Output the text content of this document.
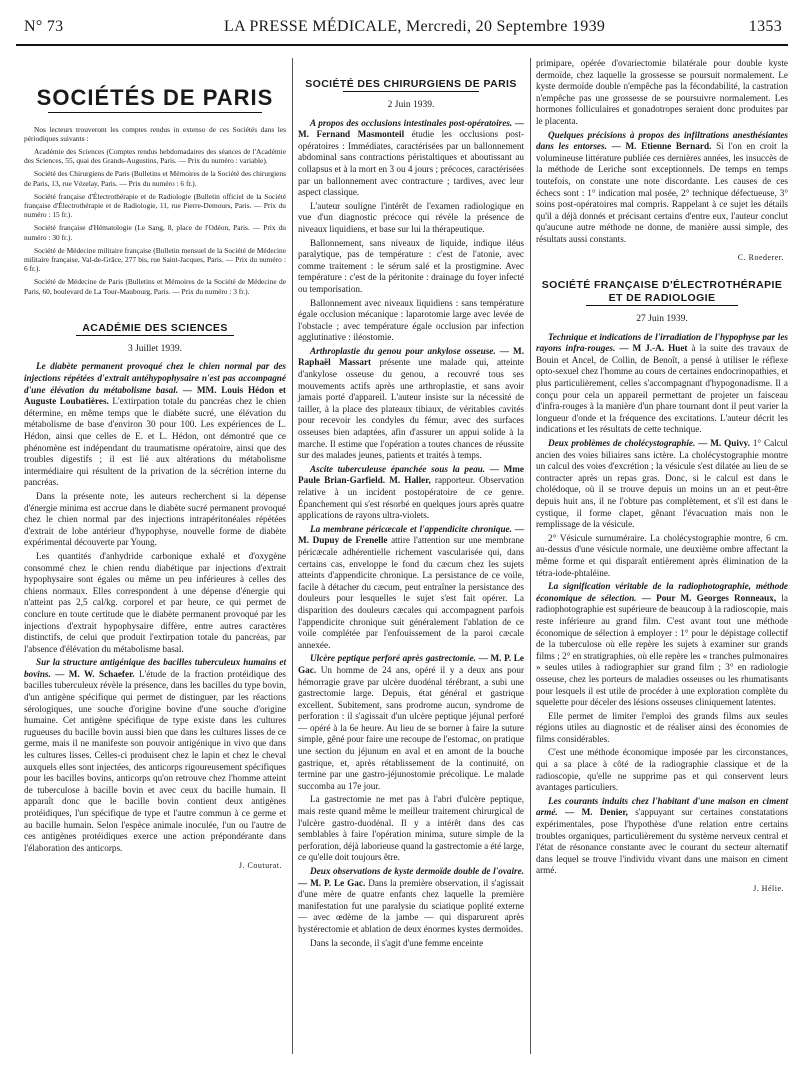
N° 73	LA PRESSE MÉDICALE, Mercredi, 20 Septembre 1939	1353
SOCIÉTÉS DE PARIS

Nos lecteurs trouveront les comptes rendus in extenso de ces Sociétés dans les périodiques suivants :

Académie des Sciences (Comptes rendus hebdomadaires des séances de l'Académie des Sciences, 55, quai des Grands-Augustins, Paris. — Prix du numéro : variable).

Société des Chirurgiens de Paris (Bulletins et Mémoires de la Société des chirurgiens de Paris, 13, rue Vézelay, Paris. — Prix du numéro : 6 fr.).

Société française d'Électrothérapie et de Radiologie (Bulletin officiel de la Société française d'Électrothérapie et de Radiologie, 11, rue Pierre-Demours, Paris. — Prix du numéro : 15 fr.).

Société française d'Hématologie (Le Sang, 8, place de l'Odéon, Paris. — Prix du numéro : 30 fr.).

Société de Médecine militaire française (Bulletin mensuel de la Société de Médecine militaire française, Val-de-Grâce, 277 bis, rue Saint-Jacques, Paris. — Prix du numéro : 6 fr.).

Société de Médecine de Paris (Bulletins et Mémoires de la Société de Médecine de Paris, 60, boulevard de La Tour-Maubourg, Paris. — Prix du numéro : 3 fr.).

ACADÉMIE DES SCIENCES
3 Juillet 1939.

Le diabète permanent provoqué chez le chien normal par des injections répétées d'extrait antéhypophysaire n'est pas accompagné d'une élévation du métabolisme basal. — MM. Louis Hédon et Auguste Loubatières. L'extirpation totale du pancréas chez le chien détermine, en même temps que le diabète sucré, une élévation du métabolisme de base d'environ 30 pour 100. Les expériences de L. Hédon, ainsi que celles de E. et L. Hédon, ont démontré que ce phénomène est indépendant du traumatisme opératoire, ainsi que des troubles digestifs ; il est lié aux altérations du métabolisme intermédiaire qui résultent de la privation de la sécrétion interne du pancréas.

Dans la présente note, les auteurs recherchent si la dépense d'énergie minima est accrue dans le diabète sucré permanent provoqué chez le chien normal par des injections intrapéritonéales répétées d'extrait de lobe antérieur d'hypophyse, nouvelle forme de diabète expérimental découverte par Young.

Les quantités d'anhydride carbonique exhalé et d'oxygène consommé chez le chien rendu diabétique par injections d'extrait hypophysaire sont égales ou même un peu inférieures à celles des chiens normaux. Elles correspondent à une dépense d'énergie qui n'atteint pas 2,5 cal/kg. corporel et par heure, ce qui permet de conclure en toute certitude que le diabète permanent provoqué par les injections d'extrait hypophysaire diffère, entre autres caractères distinctifs, de celui que produit l'extirpation totale du pancréas, par l'absence d'élévation du métabolisme basal.

Sur la structure antigénique des bacilles tuberculeux humains et bovins. — M. W. Schaefer. L'étude de la fraction protéidique des bacilles tuberculeux révèle la présence, dans les bacilles du type bovin, d'un antigène spécifique qui permet de distinguer, par les réactions sérologiques, une souche d'origine bovine d'une souche d'origine humaine. Cet antigène spécifique de type existe dans les cultures rugueuses du bacille bovin aussi bien que dans les cultures lisses de ce germe, mais il ne manifeste son pouvoir antigénique in vivo que dans les cultures lisses. Celles-ci produisent chez le lapin et chez le cheval auxquels elles sont injectées, des anticorps rigoureusement spécifiques pour les bacilles bovins, anticorps qu'on retrouve chez l'homme atteint de tuberculose à bacille bovin et avec ceux du bacille humain. Il apparaît donc que le bacille bovin contient deux antigènes protéidiques, l'un spécifique de type et l'autre commun à ce germe et au bacille humain. Selon l'espèce animale inoculée, l'un ou l'autre de ces antigènes protéidiques exerce une action prépondérante dans l'élaboration des anticorps.

J. Couturat.
SOCIÉTÉ DES CHIRURGIENS DE PARIS
2 Juin 1939.

A propos des occlusions intestinales post-opératoires. — M. Fernand Masmonteil étudie les occlusions post-opératoires : Immédiates, caractérisées par un ballonnement abdominal sans contractions péristaltiques et aboutissant au collapsus et à la mort en 3 ou 4 jours ; précoces, caractérisées par un ballonnement avec contracture ; tardives, avec leur aspect classique.

L'auteur souligne l'intérêt de l'examen radiologique en vue d'un diagnostic précoce qui révèle la présence de niveaux liquidiens, et base sur lui la thérapeutique.

Ballonnement, sans niveaux de liquide, indique iléus paralytique, pas de température : c'est de l'atonie, avec comme traitement : le sérum salé et la prostigmine. Avec température : c'est de la péritonite : drainage du foyer infecté ou temporisation.

Ballonnement avec niveaux liquidiens : sans température égale occlusion mécanique : laparotomie large avec levée de l'obstacle ; avec température égale occlusion par infection agglutinative : iléostomie.

Arthroplastie du genou pour ankylose osseuse. — M. Raphaël Massart présente une malade qui, atteinte d'ankylose osseuse du genou, a recouvré tous ses mouvements actifs après une arthroplastie, et sans avoir jamais porté d'appareil. L'auteur insiste sur la nécessité de tailler, à la place des plateaux tibiaux, de véritables cavités pour recevoir les condyles du fémur, avec des surfaces osseuses bien adaptées, afin d'assurer un appui solide à la marche. Il estime que l'opération a toutes chances de réussite sur des malades jeunes, patients et traités à temps.

Ascite tuberculeuse épanchée sous la peau. — Mme Paule Brian-Garfield. M. Haller, rapporteur. Observation relative à un incident postopératoire de ce genre. Épanchement qui s'est résorbé en quelques jours après quatre applications de rayons ultra-violets.

La membrane péricæcale et l'appendicite chronique. — M. Dupuy de Frenelle attire l'attention sur une membrane péricæcale adhérentielle richement vascularisée qui, dans certains cas, enveloppe le fond du cæcum chez les sujets atteints d'appendicite chronique. La persistance de ce voile, facile à détacher du cæcum, peut entraîner la persistance des douleurs pour lesquelles le sujet s'est fait opérer. La disparition des douleurs cæcales qui accompagnent parfois l'appendicite chronique suit généralement l'ablation de ce voile complétée par l'enfouissement de la paroi cæcale annexée.

Ulcère peptique perforé après gastrectomie. — M. P. Le Gac. Un homme de 24 ans, opéré il y a deux ans pour hémorragie grave par ulcère duodénal térébrant, a subi une gastrectomie large. Depuis, état général et gastrique excellent. Subitement, sans prodrome aucun, syndrome de perforation : il s'agissait d'un ulcère peptique jéjunal perforé — opéré à la 6e heure. Au lieu de se borner à faire la suture simple, gêné pour faire une recoupe de l'estomac, on pratique une section du jéjunum en aval et en amont de la bouche gastrique, et, après rétablissement de la continuité, on termine par une gastro-jéjunostomie précolique. Le malade succomba au 17e jour.

La gastrectomie ne met pas à l'abri d'ulcère peptique, mais reste quand même le meilleur traitement chirurgical de l'ulcère gastro-duodénal. Il y a intérêt dans des cas semblables à faire l'opération minima, suture simple de la perforation, déjà laborieuse quand la gastrectomie a été large, ce qu'elle doit toujours être.

Deux observations de kyste dermoïde double de l'ovaire. — M. P. Le Gac. Dans la première observation, il s'agissait d'une mère de quatre enfants chez laquelle la première manifestation fut une paralysie du sciatique poplité externe — avec œdème de la jambe — qui disparurent après hystérectomie et ablation de deux énormes kystes dermoïdes.

Dans la seconde, il s'agit d'une femme enceinte

primipare, opérée d'ovariectomie bilatérale pour double kyste dermoïde, chez laquelle la grossesse se poursuit normalement. Le kyste dermoïde double n'empêche pas la fécondabilité, la castration n'empêche pas une grossesse de se poursuivre normalement. Les hormones folliculaires et gonadotropes seraient donc produites par le placenta.

Quelques précisions à propos des infiltrations anesthésiantes dans les entorses. — M. Etienne Bernard. Si l'on en croit la volumineuse littérature publiée ces dernières années, les insuccès de la méthode de Leriche sont exceptionnels. De temps en temps toutefois, on constate une note discordante. Les causes de ces échecs sont : 1° indication mal posée, 2° technique défectueuse, 3° soins post-opératoires mal compris. Rappelant à ce sujet les détails qu'il a déjà donnés et précisant certains d'entre eux, l'auteur conclut qu'aucune autre méthode ne donne, de manière aussi simple, des résultats aussi constants.

C. Roederer.
SOCIÉTÉ FRANÇAISE D'ÉLECTROTHÉRAPIE
ET DE RADIOLOGIE
27 Juin 1939.

Technique et indications de l'irradiation de l'hypophyse par les rayons infra-rouges. — M J.-A. Huet à la suite des travaux de Bouin et Ancel, de Collin, de Benoît, a pensé à utiliser le réflexe opto-sexuel chez l'homme au cours de certaines endocrinopathies, et plus particulièrement, celles s'accompagnant d'hypogonadisme. Il a conçu pour cela un appareil permettant de projeter un faisceau d'infra-rouges à la manière d'un phare tournant dont il peut varier la longueur d'onde et la fréquence des excitations. L'auteur décrit les indications et les résultats de cette technique.

Deux problèmes de cholécystographie. — M. Quivy. 1° Calcul ancien des voies biliaires sans ictère. La cholécystographie montre un calcul des voies d'excrétion ; la vésicule s'est dilatée au lieu de se contracter après un repas gras. Donc, si le calcul est dans le cholédoque, où il se trouve depuis un moins un an et peut-être depuis huit ans, il ne l'obture pas complètement, et s'il est dans le cystique, il forme clapet, gênant l'évacuation mais non le remplissage de la vésicule.

2° Vésicule surnuméraire. La cholécystographie montre, 6 cm. au-dessus d'une vésicule normale, une deuxième ombre affectant la même forme et qui disparaît entièrement après élimination de la tétra-iode-phtaléine.

La signification véritable de la radiophotographie, méthode économique de sélection. — Pour M. Georges Ronneaux, la radiophotographie est supérieure de beaucoup à la radioscopie, mais reste inférieure au grand film. C'est avant tout une méthode économique de sélection à employer : 1° pour le dépistage collectif de la tuberculose où elle repère les sujets à examiner sur grands films ; 2° en stratigraphies, où elle repère les « tranches pulmonaires » seules utiles à radiographier sur grand film ; 3° en radiologie osseuse, chez les porteurs de maladies osseuses ou les rhumatisants pour lesquels il est utile de procéder à une exploration complète du squelette pour déceler des lésions osseuses cliniquement latentes.

Elle permet de limiter l'emploi des grands films aux seules régions utiles au diagnostic et de réaliser ainsi des économies de films considérables.

C'est une méthode économique imposée par les circonstances, qui a sa place à côté de la radiographie classique et de la radioscopie, qu'elle ne supprime pas et qui conservent leurs avantages particuliers.

Les courants induits chez l'habitant d'une maison en ciment armé. — M. Denier, s'appuyant sur certaines constatations expérimentales, pose l'hypothèse d'une relation entre certains troubles organiques, particulièrement du système nerveux central et l'état de résonance constante avec le courant du secteur alternatif dans lequel se trouve l'individu vivant dans une maison en ciment armé.

J. Hélie.
